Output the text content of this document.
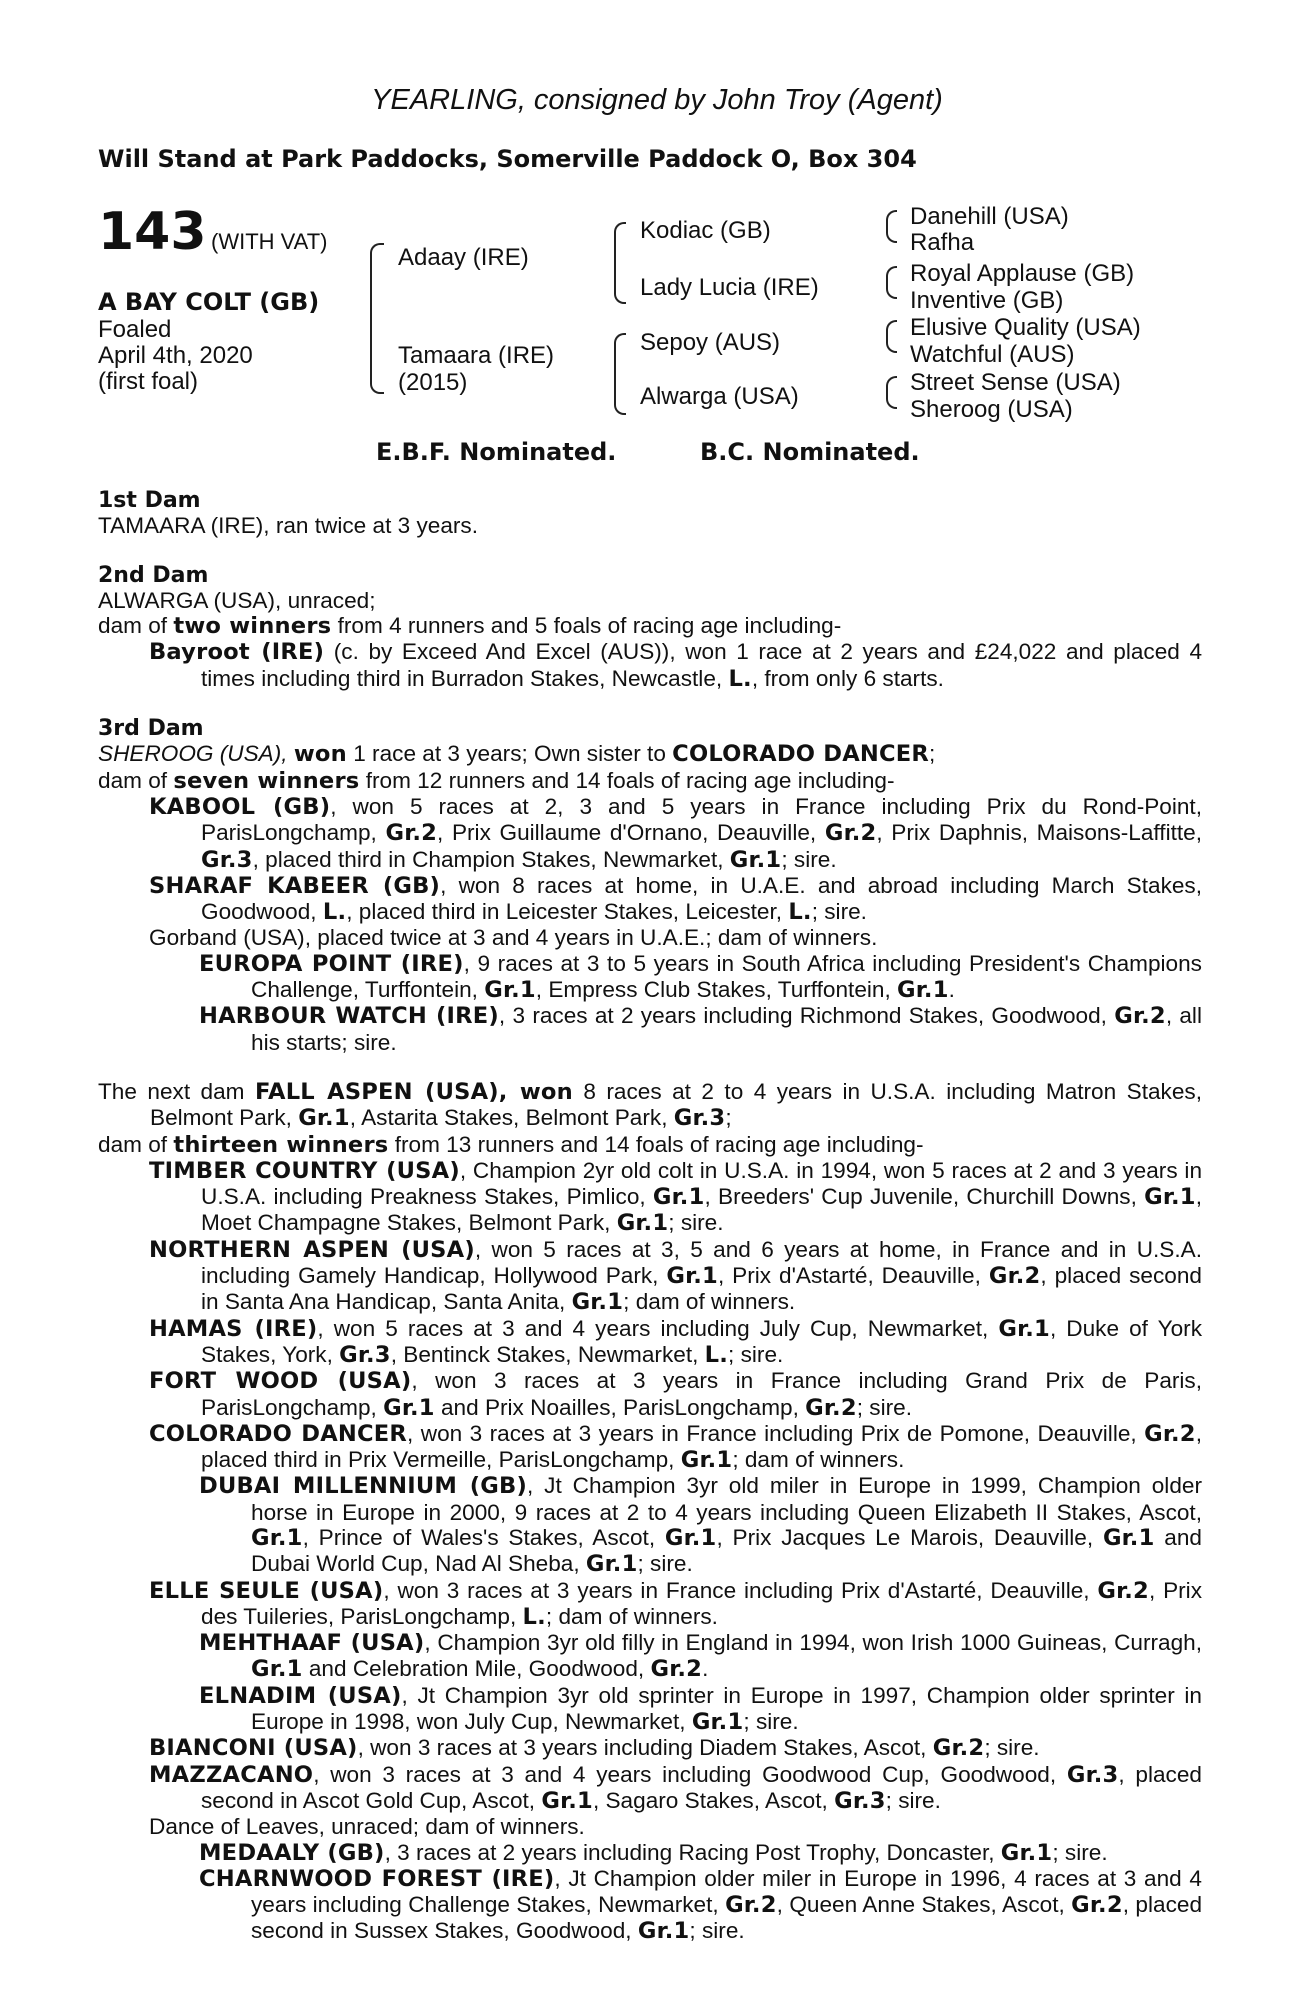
YEARLING, consigned by John Troy (Agent)
Will Stand at Park Paddocks, Somerville Paddock O, Box 304
143 (WITH VAT)
A BAY COLT (GB)
Foaled
April 4th, 2020
(first foal)
Adaay (IRE)
Tamaara (IRE)
(2015)
Kodiac (GB)
Lady Lucia (IRE)
Sepoy (AUS)
Alwarga (USA)
Danehill (USA)
Rafha
Royal Applause (GB)
Inventive (GB)
Elusive Quality (USA)
Watchful (AUS)
Street Sense (USA)
Sheroog (USA)
E.B.F. Nominated.	B.C. Nominated.

1st Dam

TAMAARA (IRE), ran twice at 3 years.

2nd Dam

ALWARGA (USA), unraced;

dam of two winners from 4 runners and 5 foals of racing age including-

Bayroot (IRE) (c. by Exceed And Excel (AUS)), won 1 race at 2 years and £24,022 and placed 4 times including third in Burradon Stakes, Newcastle, L., from only 6 starts.

3rd Dam

SHEROOG (USA), won 1 race at 3 years; Own sister to COLORADO DANCER;

dam of seven winners from 12 runners and 14 foals of racing age including-

KABOOL (GB), won 5 races at 2, 3 and 5 years in France including Prix du Rond-Point, ParisLongchamp, Gr.2, Prix Guillaume d'Ornano, Deauville, Gr.2, Prix Daphnis, Maisons-Laffitte, Gr.3, placed third in Champion Stakes, Newmarket, Gr.1; sire.

SHARAF KABEER (GB), won 8 races at home, in U.A.E. and abroad including March Stakes, Goodwood, L., placed third in Leicester Stakes, Leicester, L.; sire.

Gorband (USA), placed twice at 3 and 4 years in U.A.E.; dam of winners.

EUROPA POINT (IRE), 9 races at 3 to 5 years in South Africa including President's Champions Challenge, Turffontein, Gr.1, Empress Club Stakes, Turffontein, Gr.1.

HARBOUR WATCH (IRE), 3 races at 2 years including Richmond Stakes, Goodwood, Gr.2, all his starts; sire.

The next dam FALL ASPEN (USA), won 8 races at 2 to 4 years in U.S.A. including Matron Stakes, Belmont Park, Gr.1, Astarita Stakes, Belmont Park, Gr.3;

dam of thirteen winners from 13 runners and 14 foals of racing age including-

TIMBER COUNTRY (USA), Champion 2yr old colt in U.S.A. in 1994, won 5 races at 2 and 3 years in U.S.A. including Preakness Stakes, Pimlico, Gr.1, Breeders' Cup Juvenile, Churchill Downs, Gr.1, Moet Champagne Stakes, Belmont Park, Gr.1; sire.

NORTHERN ASPEN (USA), won 5 races at 3, 5 and 6 years at home, in France and in U.S.A. including Gamely Handicap, Hollywood Park, Gr.1, Prix d'Astarté, Deauville, Gr.2, placed second in Santa Ana Handicap, Santa Anita, Gr.1; dam of winners.

HAMAS (IRE), won 5 races at 3 and 4 years including July Cup, Newmarket, Gr.1, Duke of York Stakes, York, Gr.3, Bentinck Stakes, Newmarket, L.; sire.

FORT WOOD (USA), won 3 races at 3 years in France including Grand Prix de Paris, ParisLongchamp, Gr.1 and Prix Noailles, ParisLongchamp, Gr.2; sire.

COLORADO DANCER, won 3 races at 3 years in France including Prix de Pomone, Deauville, Gr.2, placed third in Prix Vermeille, ParisLongchamp, Gr.1; dam of winners.

DUBAI MILLENNIUM (GB), Jt Champion 3yr old miler in Europe in 1999, Champion older horse in Europe in 2000, 9 races at 2 to 4 years including Queen Elizabeth II Stakes, Ascot, Gr.1, Prince of Wales's Stakes, Ascot, Gr.1, Prix Jacques Le Marois, Deauville, Gr.1 and Dubai World Cup, Nad Al Sheba, Gr.1; sire.

ELLE SEULE (USA), won 3 races at 3 years in France including Prix d'Astarté, Deauville, Gr.2, Prix des Tuileries, ParisLongchamp, L.; dam of winners.

MEHTHAAF (USA), Champion 3yr old filly in England in 1994, won Irish 1000 Guineas, Curragh, Gr.1 and Celebration Mile, Goodwood, Gr.2.

ELNADIM (USA), Jt Champion 3yr old sprinter in Europe in 1997, Champion older sprinter in Europe in 1998, won July Cup, Newmarket, Gr.1; sire.

BIANCONI (USA), won 3 races at 3 years including Diadem Stakes, Ascot, Gr.2; sire.

MAZZACANO, won 3 races at 3 and 4 years including Goodwood Cup, Goodwood, Gr.3, placed second in Ascot Gold Cup, Ascot, Gr.1, Sagaro Stakes, Ascot, Gr.3; sire.

Dance of Leaves, unraced; dam of winners.

MEDAALY (GB), 3 races at 2 years including Racing Post Trophy, Doncaster, Gr.1; sire.

CHARNWOOD FOREST (IRE), Jt Champion older miler in Europe in 1996, 4 races at 3 and 4 years including Challenge Stakes, Newmarket, Gr.2, Queen Anne Stakes, Ascot, Gr.2, placed second in Sussex Stakes, Goodwood, Gr.1; sire.
